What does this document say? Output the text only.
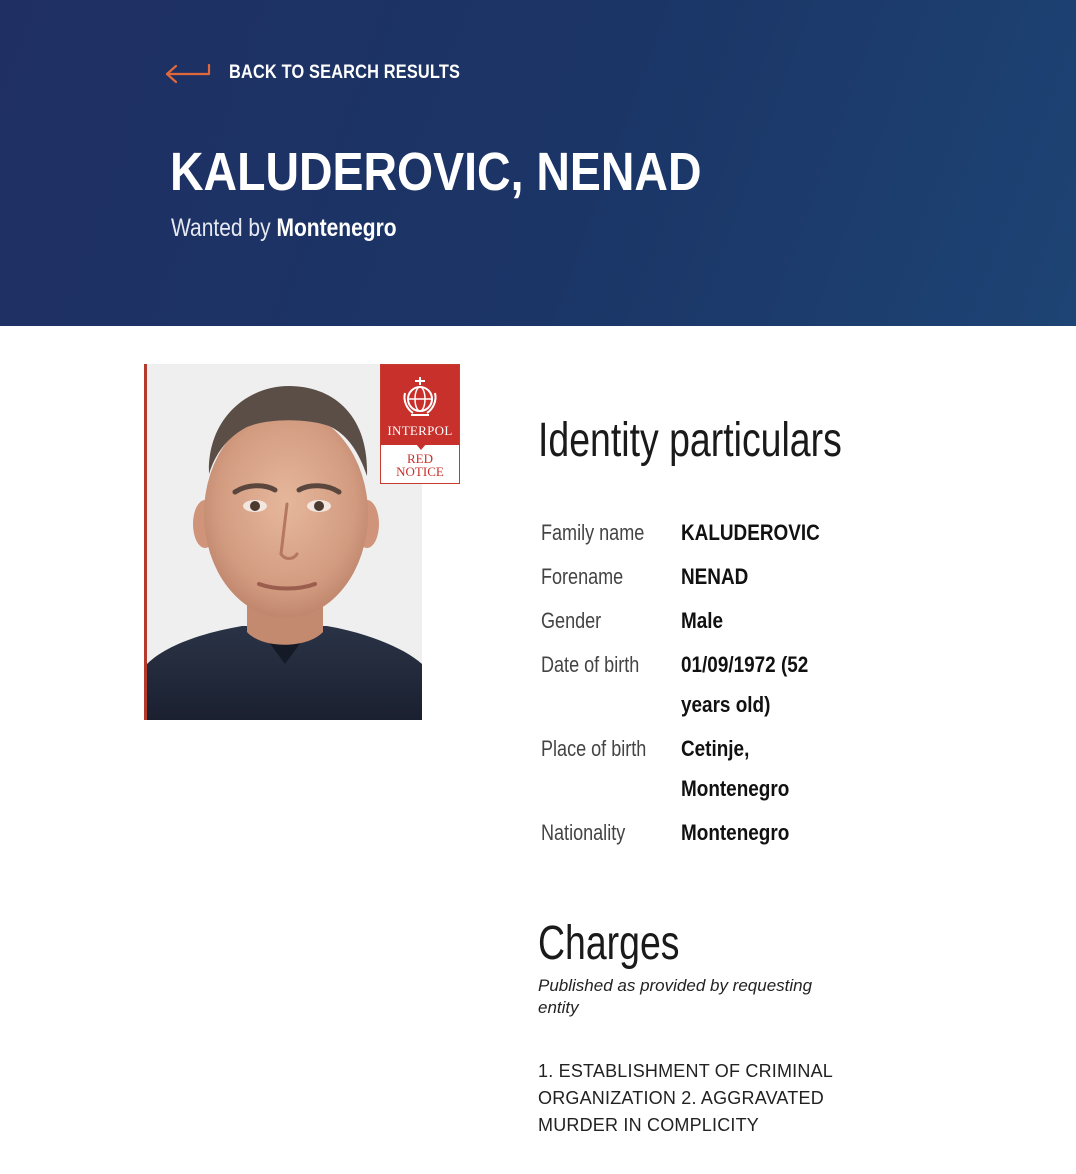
BACK TO SEARCH RESULTS
KALUDEROVIC, NENAD
Wanted by Montenegro
INTERPOL
RED
NOTICE
Identity particulars
Family name	KALUDEROVIC
Forename	NENAD
Gender	Male
Date of birth	01/09/1972 (52
years old)
Place of birth	Cetinje,
Montenegro
Nationality	Montenegro
Charges
Published as provided by requesting entity
1. ESTABLISHMENT OF CRIMINAL ORGANIZATION 2. AGGRAVATED MURDER IN COMPLICITY
